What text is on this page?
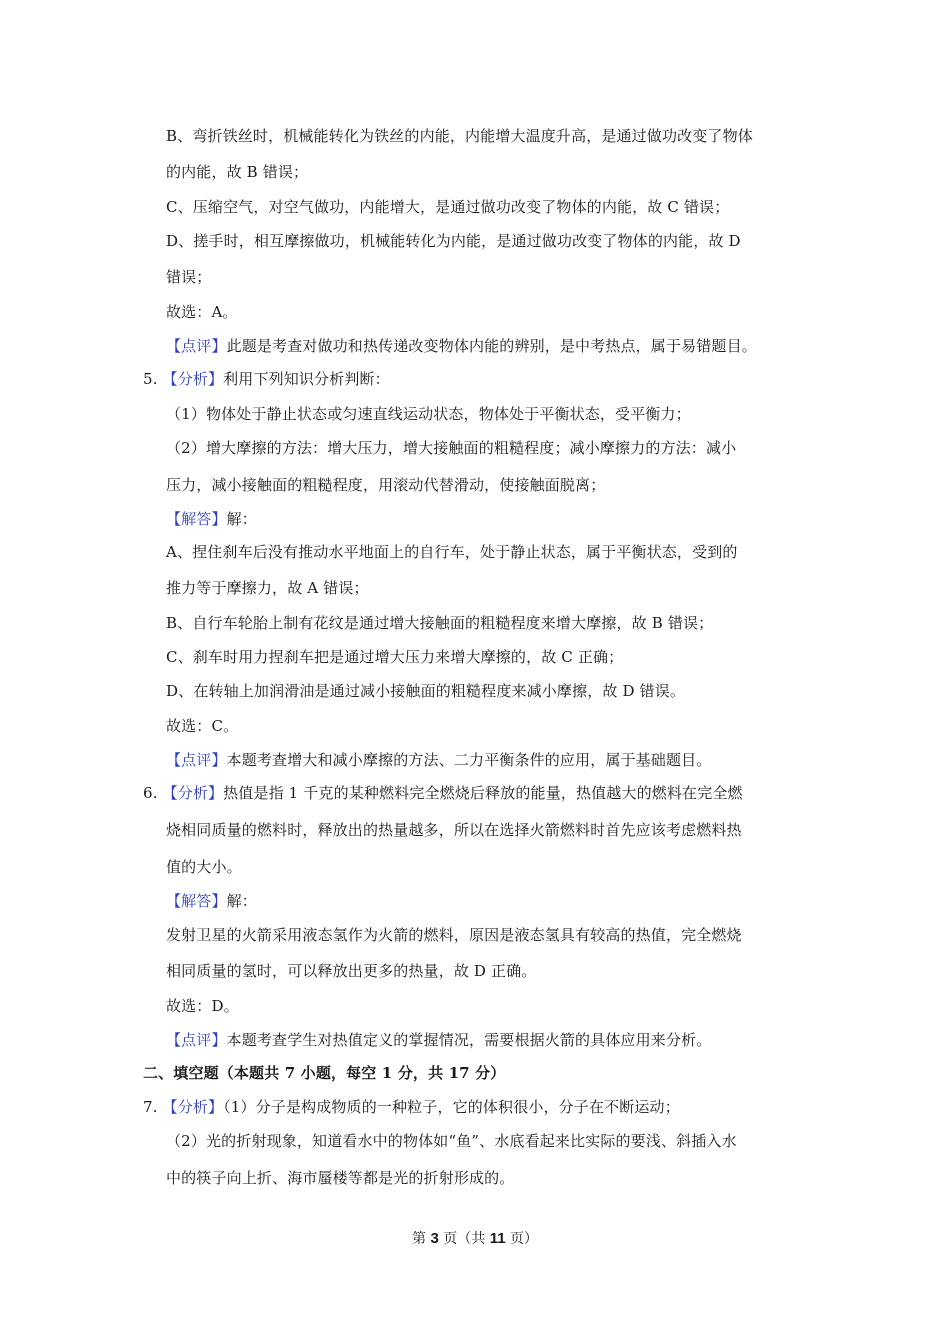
B、弯折铁丝时，机械能转化为铁丝的内能，内能增大温度升高，是通过做功改变了物体
的内能，故 B 错误；
C、压缩空气，对空气做功，内能增大，是通过做功改变了物体的内能，故 C 错误；
D、搓手时，相互摩擦做功，机械能转化为内能，是通过做功改变了物体的内能，故 D
错误；
故选：A。
【点评】此题是考查对做功和热传递改变物体内能的辨别，是中考热点，属于易错题目。
5. 【分析】利用下列知识分析判断：
（1）物体处于静止状态或匀速直线运动状态，物体处于平衡状态，受平衡力；
（2）增大摩擦的方法：增大压力，增大接触面的粗糙程度；减小摩擦力的方法：减小
压力，减小接触面的粗糙程度，用滚动代替滑动，使接触面脱离；
【解答】解：
A、捏住刹车后没有推动水平地面上的自行车，处于静止状态，属于平衡状态，受到的
推力等于摩擦力，故 A 错误；
B、自行车轮胎上制有花纹是通过增大接触面的粗糙程度来增大摩擦，故 B 错误；
C、刹车时用力捏刹车把是通过增大压力来增大摩擦的，故 C 正确；
D、在转轴上加润滑油是通过减小接触面的粗糙程度来减小摩擦，故 D 错误。
故选：C。
【点评】本题考查增大和减小摩擦的方法、二力平衡条件的应用，属于基础题目。
6. 【分析】热值是指 1 千克的某种燃料完全燃烧后释放的能量，热值越大的燃料在完全燃
烧相同质量的燃料时，释放出的热量越多，所以在选择火箭燃料时首先应该考虑燃料热
值的大小。
【解答】解：
发射卫星的火箭采用液态氢作为火箭的燃料，原因是液态氢具有较高的热值，完全燃烧
相同质量的氢时，可以释放出更多的热量，故 D 正确。
故选：D。
【点评】本题考查学生对热值定义的掌握情况，需要根据火箭的具体应用来分析。
二、填空题（本题共 7 小题，每空 1 分，共 17 分）
7. 【分析】（1）分子是构成物质的一种粒子，它的体积很小，分子在不断运动；
（2）光的折射现象，知道看水中的物体如“鱼”、水底看起来比实际的要浅、斜插入水
中的筷子向上折、海市蜃楼等都是光的折射形成的。
第 3 页（共 11 页）
